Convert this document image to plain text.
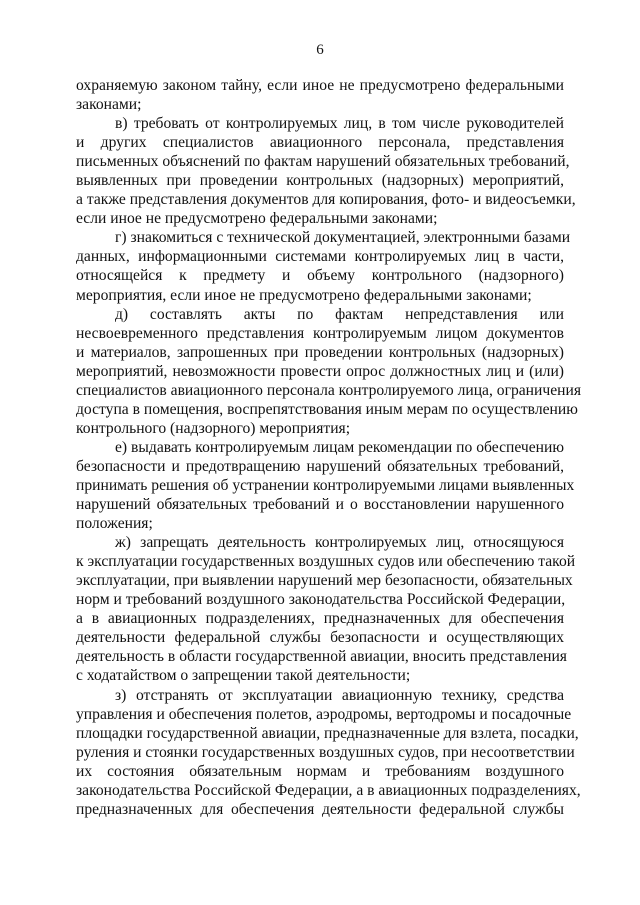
6
охраняемую законом тайну, если иное не предусмотрено федеральными
законами;
в) требовать от контролируемых лиц, в том числе руководителей
и других специалистов авиационного персонала, представления
письменных объяснений по фактам нарушений обязательных требований,
выявленных при проведении контрольных (надзорных) мероприятий,
а также представления документов для копирования, фото- и видеосъемки,
если иное не предусмотрено федеральными законами;
г) знакомиться с технической документацией, электронными базами
данных, информационными системами контролируемых лиц в части,
относящейся к предмету и объему контрольного (надзорного)
мероприятия, если иное не предусмотрено федеральными законами;
д) составлять акты по фактам непредставления или
несвоевременного представления контролируемым лицом документов
и материалов, запрошенных при проведении контрольных (надзорных)
мероприятий, невозможности провести опрос должностных лиц и (или)
специалистов авиационного персонала контролируемого лица, ограничения
доступа в помещения, воспрепятствования иным мерам по осуществлению
контрольного (надзорного) мероприятия;
е) выдавать контролируемым лицам рекомендации по обеспечению
безопасности и предотвращению нарушений обязательных требований,
принимать решения об устранении контролируемыми лицами выявленных
нарушений обязательных требований и о восстановлении нарушенного
положения;
ж) запрещать деятельность контролируемых лиц, относящуюся
к эксплуатации государственных воздушных судов или обеспечению такой
эксплуатации, при выявлении нарушений мер безопасности, обязательных
норм и требований воздушного законодательства Российской Федерации,
а в авиационных подразделениях, предназначенных для обеспечения
деятельности федеральной службы безопасности и осуществляющих
деятельность в области государственной авиации, вносить представления
с ходатайством о запрещении такой деятельности;
з) отстранять от эксплуатации авиационную технику, средства
управления и обеспечения полетов, аэродромы, вертодромы и посадочные
площадки государственной авиации, предназначенные для взлета, посадки,
руления и стоянки государственных воздушных судов, при несоответствии
их состояния обязательным нормам и требованиям воздушного
законодательства Российской Федерации, а в авиационных подразделениях,
предназначенных для обеспечения деятельности федеральной службы
